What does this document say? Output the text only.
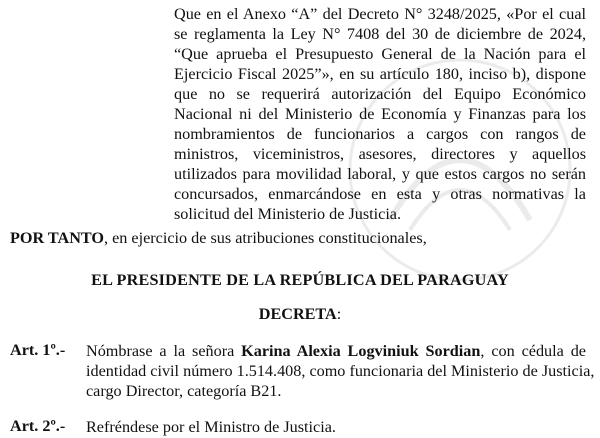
Que en el Anexo “A” del Decreto N° 3248/2025, «Por el cual
se reglamenta la Ley N° 7408 del 30 de diciembre de 2024,
“Que aprueba el Presupuesto General de la Nación para el
Ejercicio Fiscal 2025”», en su artículo 180, inciso b), dispone
que no se requerirá autorización del Equipo Económico
Nacional ni del Ministerio de Economía y Finanzas para los
nombramientos de funcionarios a cargos con rangos de
ministros, viceministros, asesores, directores y aquellos
utilizados para movilidad laboral, y que estos cargos no serán
concursados, enmarcándose en esta y otras normativas la
solicitud del Ministerio de Justicia.
POR TANTO, en ejercicio de sus atribuciones constitucionales,
EL PRESIDENTE DE LA REPÚBLICA DEL PARAGUAY
DECRETA:
Art. 1º.- Nómbrase a la señora Karina Alexia Logviniuk Sordian, con cédula de
identidad civil número 1.514.408, como funcionaria del Ministerio de Justicia,
cargo Director, categoría B21.
Art. 2º.- Refréndese por el Ministro de Justicia.
